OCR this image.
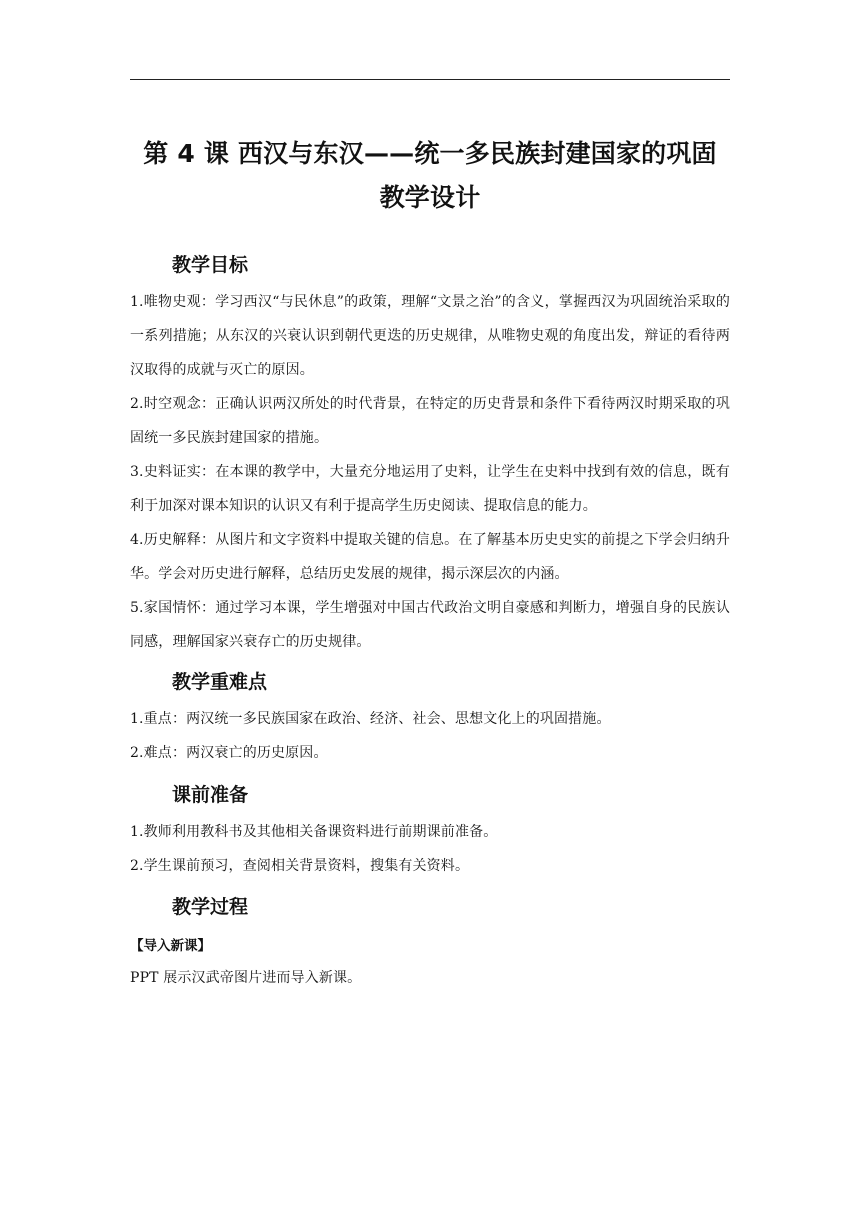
第 4 课 西汉与东汉——统一多民族封建国家的巩固
教学设计
教学目标
1.唯物史观：学习西汉“与民休息”的政策，理解“文景之治”的含义，掌握西汉为巩固统治采取的一系列措施；从东汉的兴衰认识到朝代更迭的历史规律，从唯物史观的角度出发，辩证的看待两汉取得的成就与灭亡的原因。
2.时空观念：正确认识两汉所处的时代背景，在特定的历史背景和条件下看待两汉时期采取的巩固统一多民族封建国家的措施。
3.史料证实：在本课的教学中，大量充分地运用了史料，让学生在史料中找到有效的信息，既有利于加深对课本知识的认识又有利于提高学生历史阅读、提取信息的能力。
4.历史解释：从图片和文字资料中提取关键的信息。在了解基本历史史实的前提之下学会归纳升华。学会对历史进行解释，总结历史发展的规律，揭示深层次的内涵。
5.家国情怀：通过学习本课，学生增强对中国古代政治文明自豪感和判断力，增强自身的民族认同感，理解国家兴衰存亡的历史规律。
教学重难点
1.重点：两汉统一多民族国家在政治、经济、社会、思想文化上的巩固措施。
2.难点：两汉衰亡的历史原因。
课前准备
1.教师利用教科书及其他相关备课资料进行前期课前准备。
2.学生课前预习，查阅相关背景资料，搜集有关资料。
教学过程
【导入新课】
PPT 展示汉武帝图片进而导入新课。
